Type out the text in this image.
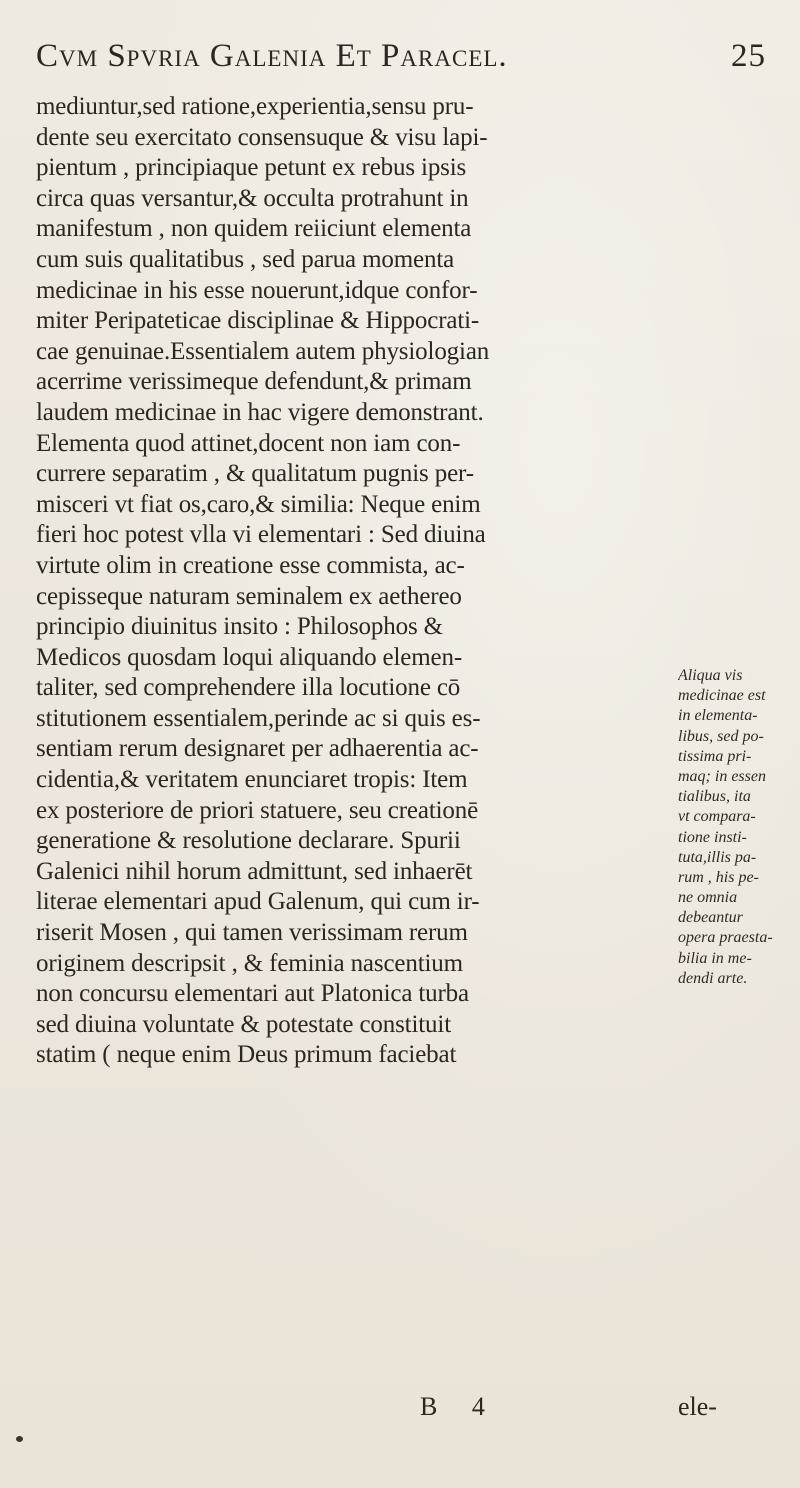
Cvm Spvria Galenia Et Paracel.	25
mediuntur,sed ratione,experientia,sensu pru-
dente seu exercitato consensuque & visu lapi-
pientum , principiaque petunt ex rebus ipsis
circa quas versantur,& occulta protrahunt in
manifestum , non quidem reiiciunt elementa
cum suis qualitatibus , sed parua momenta
medicinae in his esse nouerunt,idque confor-
miter Peripateticae disciplinae & Hippocrati-
cae genuinae.Essentialem autem physiologian
acerrime verissimeque defendunt,& primam
laudem medicinae in hac vigere demonstrant.
Elementa quod attinet,docent non iam con-
currere separatim , & qualitatum pugnis per-
misceri vt fiat os,caro,& similia: Neque enim
fieri hoc potest vlla vi elementari : Sed diuina
virtute olim in creatione esse commista, ac-
cepisseque naturam seminalem ex aethereo
principio diuinitus insito : Philosophos &
Medicos quosdam loqui aliquando elemen-
taliter, sed comprehendere illa locutione cō
stitutionem essentialem,perinde ac si quis es-
sentiam rerum designaret per adhaerentia ac-
cidentia,& veritatem enunciaret tropis: Item
ex posteriore de priori statuere, seu creationē
generatione & resolutione declarare. Spurii
Galenici nihil horum admittunt, sed inhaerēt
literae elementari apud Galenum, qui cum ir-
riserit Mosen , qui tamen verissimam rerum
originem descripsit , & feminia nascentium
non concursu elementari aut Platonica turba
sed diuina voluntate & potestate constituit
statim ( neque enim Deus primum faciebat
Aliqua vis
medicinae est
in elementa-
libus, sed po-
tissima pri-
maq; in essen
tialibus, ita
vt compara-
tione insti-
tuta,illis pa-
rum , his pe-
ne omnia
debeantur
opera praesta-
bilia in me-
dendi arte.
B 4	ele-
